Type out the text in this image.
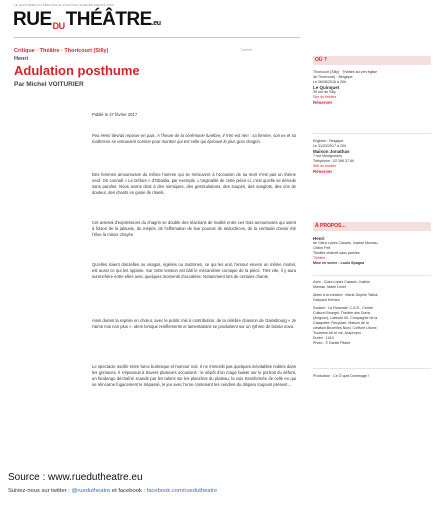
LE QUOTIDIEN DU SPECTACLE VIVANT EN EUROPE DEPUIS 2003
$RUE^{DU}THÉÂTRE.eu$
Critique · Théâtre · Thoricourt (Silly)	Tweeter
Henri
Adulation posthume
Par Michel VOITURIER
Publié le 27 février 2017

Feu Henri devrait reposer en paix. À l'heure de la cérémonie funèbre, il n'en est rien : sa femme, son ex et sa maîtresse se retrouvent comme pour montrer qui est celle qui éprouve le plus gros chagrin.

Des femmes amoureuses du même homme qui se retrouvent à l'occasion de sa mort n'est pas un thème neuf. On connaît « Le Défunt » d'Obaldia, par exemple. L'originalité de cette pièce-ci, c'est qu'elle se déroule sans paroles. Nous avons droit à des mimiques, des gesticulations, des soupirs, des sanglots, des cris de douleur, des chants en guise de rituels.

Cet arsenal d'expressions du chagrin se double des réactions de rivalité entre ces trois amoureuses qui usent à foison de la jalousie, du mépris, de l'affirmation de leur pouvoir de séductrices, de la certitude d'avoir été l'élue la mieux choyée.

Qu'elles soient donzelles ou viragos, égéries ou matrones, ce qui les unit, l'amour envers un même mortel, est aussi ce qui les oppose. Sur cette tension est bâti le mécanisme comique de la pièce. Très vite, il y aura surenchère entre elles avec quelques moments d'accalmie. Notamment lors de certains chants.

Ainsi durant la reprise en chœur, avec le public mis à contribution, de la célèbre chanson de Gainsbourg « Je t'aime moi non plus ». Idem lorsque reniflements et lamentations se produisent sur un rythme de bossa nova.

Le spectacle oscille entre farce burlesque et humour noir. Il ne s'interdit pas quelques inévitables redites dans les grimaces. Il s'épanouit à travers plusieurs occasions : le dépôt d'un rouge baiser sur le portrait du défunt, un fandango déchaîné scandé par les talons sur les planches du plateau, la voix transformée de celle en qui se réincarne fugacement le trépassé, le jeu avec l'urne contenant les cendres du disparu toujours présent…

OÙ ?
Thoricourt (Silly) · Théâtre au vert église
de Thoricourt) · Belgique
Le 26/08/2016 à 20h
Le Quinquet
39 rue de Silly
Site du théâtre
Réserver
Enghien · Belgique
Le 31/03/2017 à 20h
Maison Jonathas
7 rue Montgomery
Téléphone : 02 396.37.69
Site du théâtre
Réserver
À PROPOS...
Henri
de Clara Lopez Casado, Justine Moreau,
Céline Peli
Théâtre charnel sans paroles
Théâtre
Mise en scène : Louis Spagna
Avec : Clara Lopez Casado, Justine
Moreau, Marie Limet
Aides à la création : Marie-Sophie Talbot,
Gaspard Herbeo
Soutien : La Roseraie, C.A.R., Centre
Culturel Bruegel, Théâtre des Doms
(Avignon), Latitude 50, Compagnie de la
Casquette, Recyclart, Maison de la
création Bruxelles-Nord, Coiffure Lilione,
Tournées Art et vie, Asspropro
Durée : 1h10
Photo : © Daniel Pilarte
Production : Ce Ô quel Dommage !
Source : www.ruedutheatre.eu
Suivez-nous sur twitter : @ruedutheatre et facebook : facebook.com/ruedutheatre
